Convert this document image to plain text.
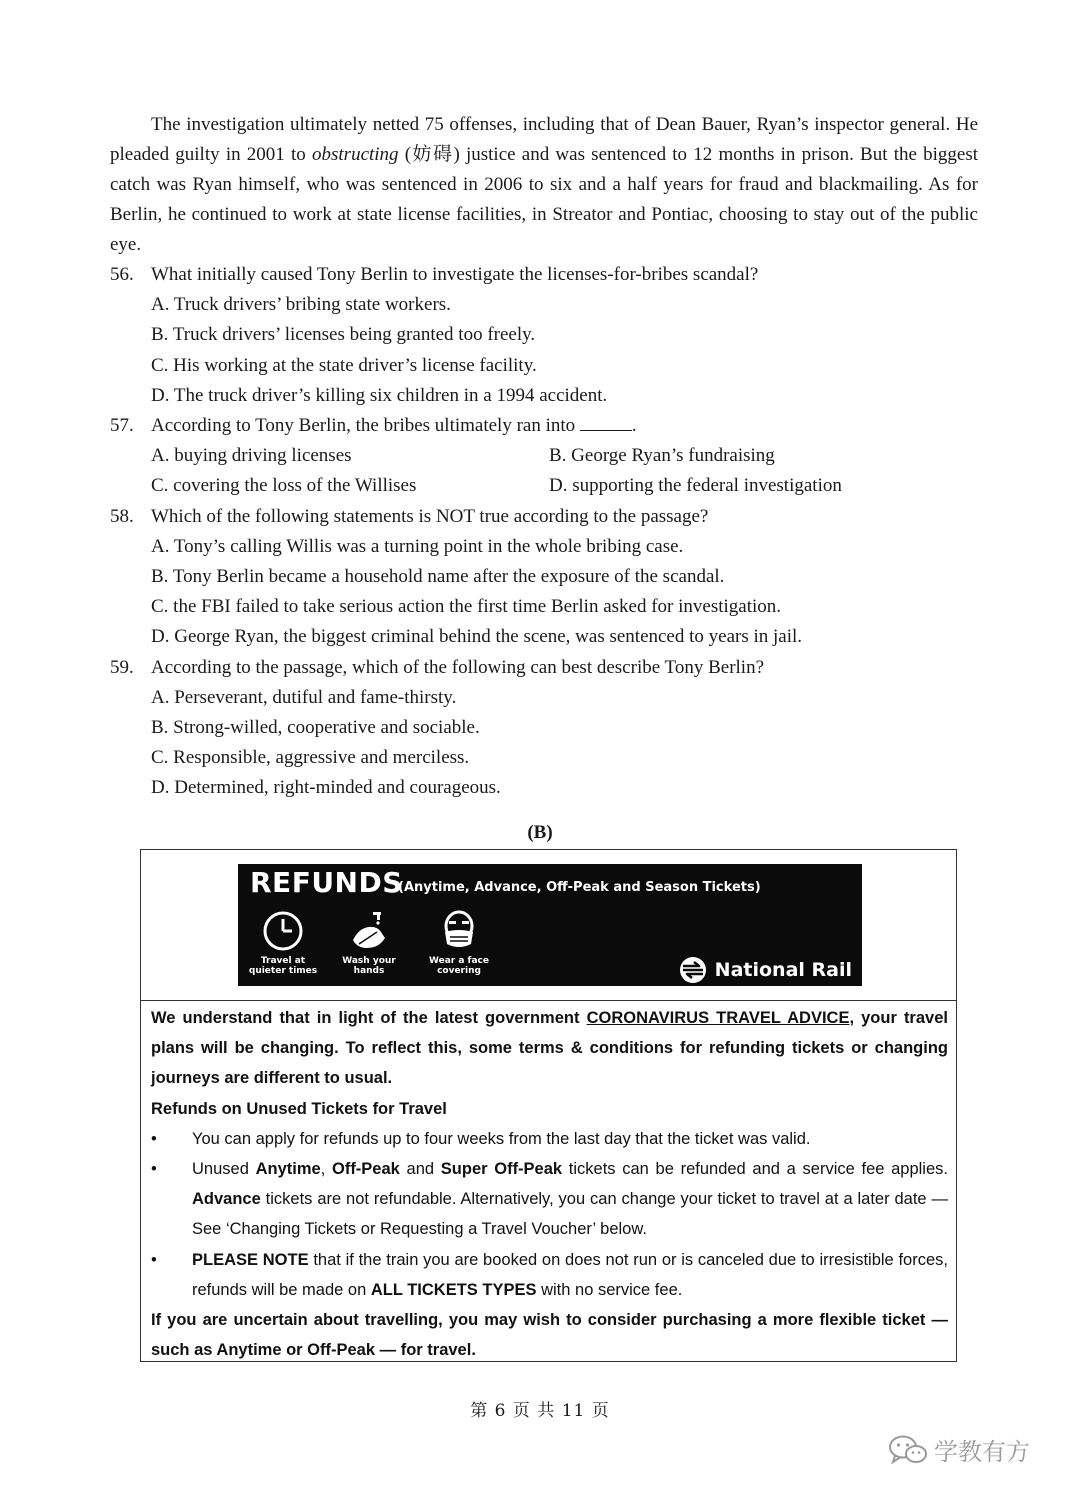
The investigation ultimately netted 75 offenses, including that of Dean Bauer, Ryan’s inspector general. He pleaded guilty in 2001 to obstructing (妨碍) justice and was sentenced to 12 months in prison. But the biggest catch was Ryan himself, who was sentenced in 2006 to six and a half years for fraud and blackmailing. As for Berlin, he continued to work at state license facilities, in Streator and Pontiac, choosing to stay out of the public eye.

56. What initially caused Tony Berlin to investigate the licenses-for-bribes scandal?
A. Truck drivers’ bribing state workers.
B. Truck drivers’ licenses being granted too freely.
C. His working at the state driver’s license facility.
D. The truck driver’s killing six children in a 1994 accident.
57. According to Tony Berlin, the bribes ultimately ran into	.
A. buying driving licenses	B. George Ryan’s fundraising
C. covering the loss of the Willises	D. supporting the federal investigation
58. Which of the following statements is NOT true according to the passage?
A. Tony’s calling Willis was a turning point in the whole bribing case.
B. Tony Berlin became a household name after the exposure of the scandal.
C. the FBI failed to take serious action the first time Berlin asked for investigation.
D. George Ryan, the biggest criminal behind the scene, was sentenced to years in jail.
59. According to the passage, which of the following can best describe Tony Berlin?
A. Perseverant, dutiful and fame-thirsty.
B. Strong-willed, cooperative and sociable.
C. Responsible, aggressive and merciless.
D. Determined, right-minded and courageous.
(B)
REFUNDS
(Anytime, Advance, Off-Peak and Season Tickets)
Travel at
quieter times
Wash your
hands
Wear a face
covering	National Rail

We understand that in light of the latest government CORONAVIRUS TRAVEL ADVICE, your travel plans will be changing. To reflect this, some terms & conditions for refunding tickets or changing journeys are different to usual.

Refunds on Unused Tickets for Travel

•	You can apply for refunds up to four weeks from the last day that the ticket was valid.
•	Unused Anytime, Off-Peak and Super Off-Peak tickets can be refunded and a service fee applies. Advance tickets are not refundable. Alternatively, you can change your ticket to travel at a later date — See ‘Changing Tickets or Requesting a Travel Voucher’ below.
•	PLEASE NOTE that if the train you are booked on does not run or is canceled due to irresistible forces, refunds will be made on ALL TICKETS TYPES with no service fee.

If you are uncertain about travelling, you may wish to consider purchasing a more flexible ticket — such as Anytime or Off-Peak — for travel.

第 6 页 共 11 页
学教有方
